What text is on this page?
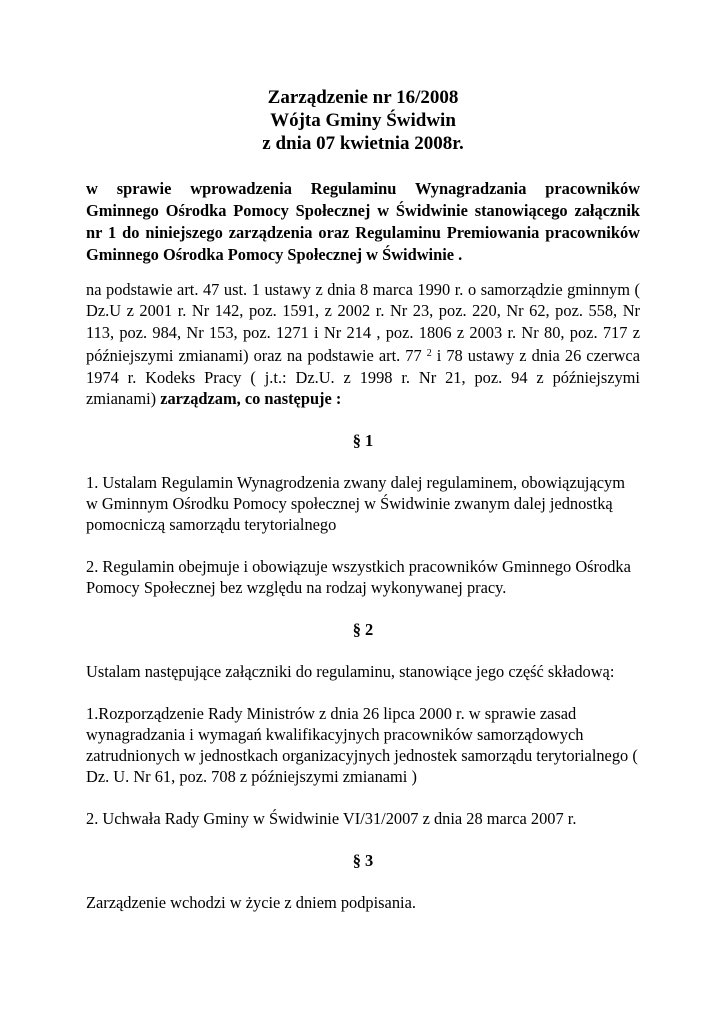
Zarządzenie nr 16/2008
Wójta Gminy Świdwin
z dnia 07 kwietnia 2008r.
w sprawie wprowadzenia Regulaminu Wynagradzania pracowników Gminnego Ośrodka Pomocy Społecznej w Świdwinie stanowiącego załącznik nr 1 do niniejszego zarządzenia oraz Regulaminu Premiowania pracowników Gminnego Ośrodka Pomocy Społecznej w Świdwinie .
na podstawie art. 47 ust. 1 ustawy z dnia 8 marca 1990 r. o samorządzie gminnym ( Dz.U z 2001 r. Nr 142, poz. 1591, z 2002 r. Nr 23, poz. 220, Nr 62, poz. 558, Nr 113, poz. 984, Nr 153, poz. 1271 i Nr 214 , poz. 1806 z 2003 r. Nr 80, poz. 717 z późniejszymi zmianami) oraz na podstawie art. 77 $^2$ i 78 ustawy z dnia 26 czerwca 1974 r. Kodeks Pracy ( j.t.: Dz.U. z 1998 r. Nr 21, poz. 94 z późniejszymi zmianami) zarządzam, co następuje :
§ 1

1. Ustalam Regulamin Wynagrodzenia zwany dalej regulaminem, obowiązującym w Gminnym Ośrodku Pomocy społecznej w Świdwinie zwanym dalej jednostką pomocniczą samorządu terytorialnego

2. Regulamin obejmuje i obowiązuje wszystkich pracowników Gminnego Ośrodka Pomocy Społecznej bez względu na rodzaj wykonywanej pracy.

§ 2

Ustalam następujące załączniki do regulaminu, stanowiące jego część składową:

1.Rozporządzenie Rady Ministrów z dnia 26 lipca 2000 r. w sprawie zasad wynagradzania i wymagań kwalifikacyjnych pracowników samorządowych zatrudnionych w jednostkach organizacyjnych jednostek samorządu terytorialnego ( Dz. U. Nr 61, poz. 708 z późniejszymi zmianami )

2. Uchwała Rady Gminy w Świdwinie VI/31/2007 z dnia 28 marca 2007 r.

§ 3

Zarządzenie wchodzi w życie z dniem podpisania.
